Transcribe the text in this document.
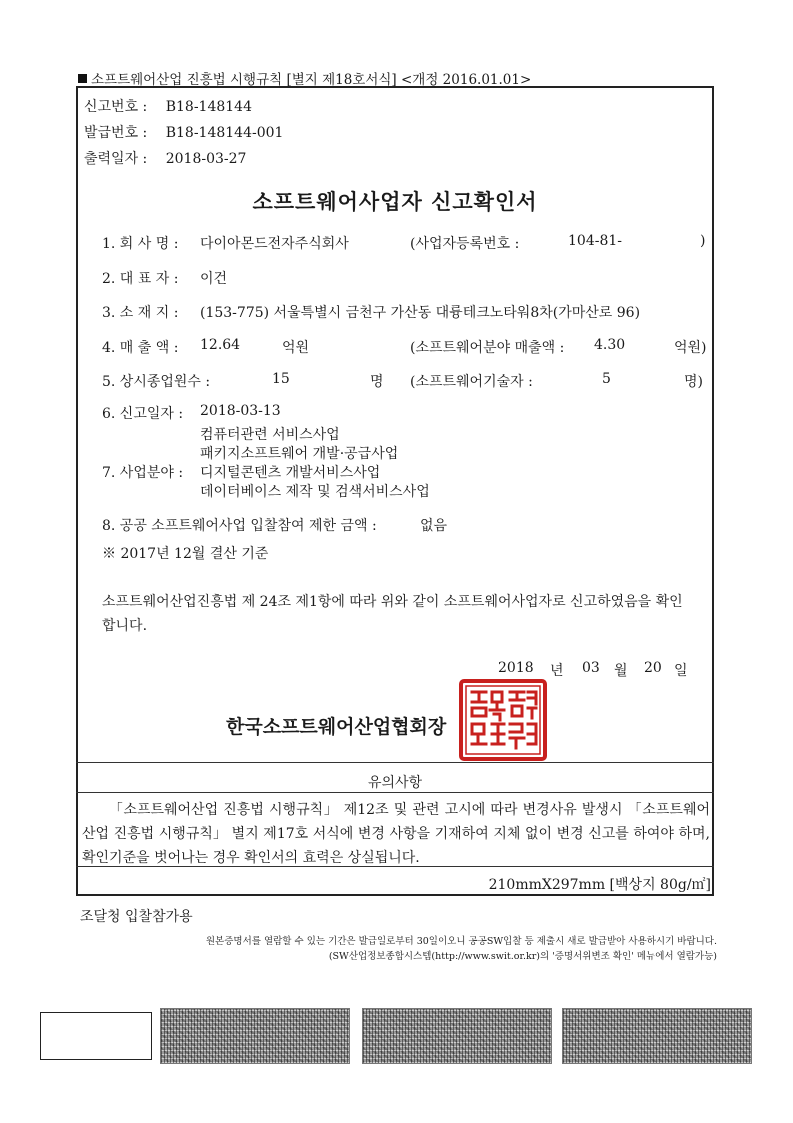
소프트웨어산업 진흥법 시행규칙 [별지 제18호서식] <개정 2016.01.01>
신고번호 : B18-148144
발급번호 : B18-148144-001
출력일자 : 2018-03-27
소프트웨어사업자 신고확인서
1. 회 사 명 : 다이아몬드전자주식회사	(사업자등록번호 :	104-81-	)
2. 대 표 자 : 이건
3. 소 재 지 : (153-775) 서울특별시 금천구 가산동 대륭테크노타워8차(가마산로 96)
4. 매 출 액 : 12.64	억원	(소프트웨어분야 매출액 : 4.30	억원)
5. 상시종업원수 :	15	명 (소프트웨어기술자 :	5	명)
6. 신고일자 : 2018-03-13
컴퓨터관련 서비스사업
패키지소프트웨어 개발·공급사업
7. 사업분야 : 디지털콘텐츠 개발서비스사업
데이터베이스 제작 및 검색서비스사업
8. 공공 소프트웨어사업 입찰참여 제한 금액 :	없음
※ 2017년 12월 결산 기준
소프트웨어산업진흥법 제 24조 제1항에 따라 위와 같이 소프트웨어사업자로 신고하였음을 확인합니다.
2018 년 03 월 20 일
한국소프트웨어산업협회장
유의사항
「소프트웨어산업 진흥법 시행규칙」 제12조 및 관련 고시에 따라 변경사유 발생시 「소프트웨어산업 진흥법 시행규칙」 별지 제17호 서식에 변경 사항을 기재하여 지체 없이 변경 신고를 하여야 하며, 확인기준을 벗어나는 경우 확인서의 효력은 상실됩니다.
210mmX297mm [백상지 80g/㎡]
조달청 입찰참가용
원본증명서를 열람할 수 있는 기간은 발급일로부터 30일이오니 공공SW입찰 등 제출시 새로 발급받아 사용하시기 바랍니다.
(SW산업정보종합시스템(http://www.swit.or.kr)의 '증명서위변조 확인' 메뉴에서 열람가능)
